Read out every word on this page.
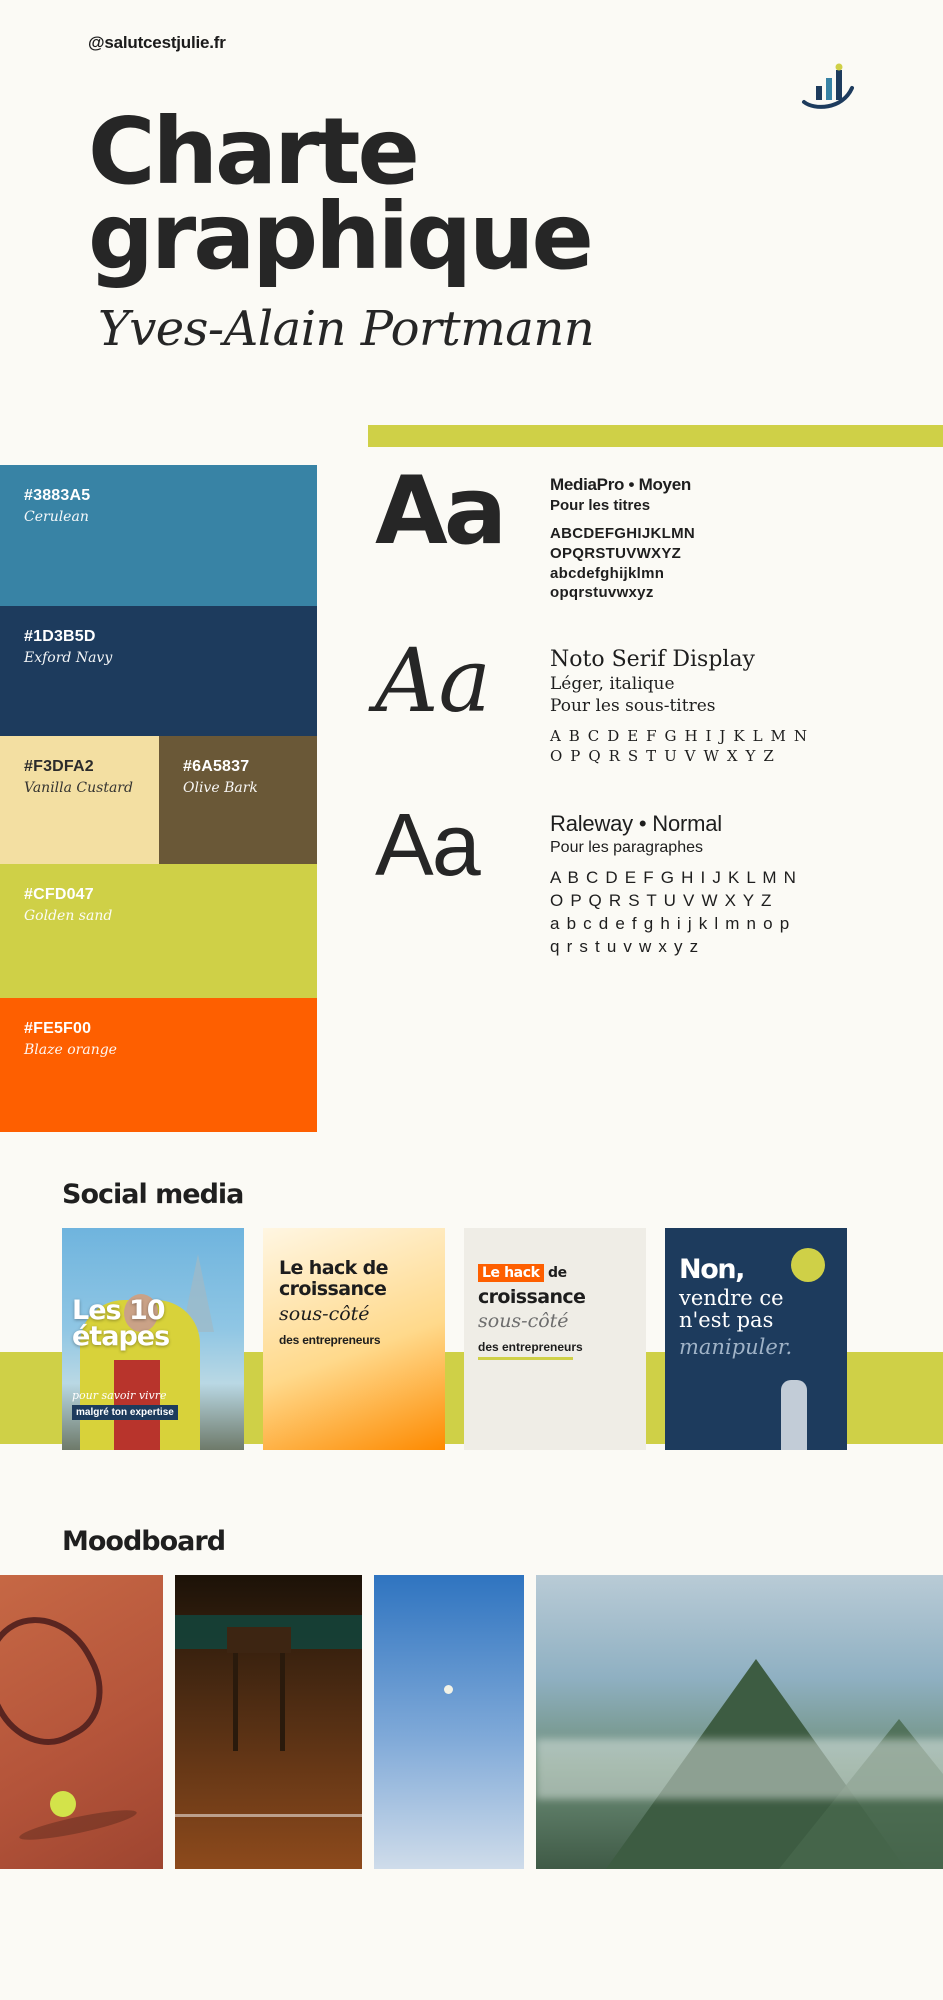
@salutcestjulie.fr
Charte
graphique
Yves-Alain Portmann
#3883A5
Cerulean
#1D3B5D
Exford Navy
#F3DFA2
Vanilla Custard
#6A5837
Olive Bark
#CFD047
Golden sand
#FE5F00
Blaze orange
Aa	MediaPro • Moyen
Pour les titres
ABCDEFGHIJKLMN
OPQRSTUVWXYZ
abcdefghijklmn
opqrstuvwxyz
Aa	Noto Serif Display
Léger, italique
Pour les sous-titres
A B C D E F G H I J K L M N
O P Q R S T U V W X Y Z
Aa	Raleway • Normal
Pour les paragraphes
A B C D E F G H I J K L M N
O P Q R S T U V W X Y Z
a b c d e f g h i j k l m n o p
q r s t u v w x y z
Social media
Les 10 étapes
pour savoir vivre
malgré ton expertise
Le hack de croissance
sous-côté
des entrepreneurs
Le hack de
croissance
sous-côté
des entrepreneurs
Non,
vendre ce n'est pas
manipuler.
Moodboard
